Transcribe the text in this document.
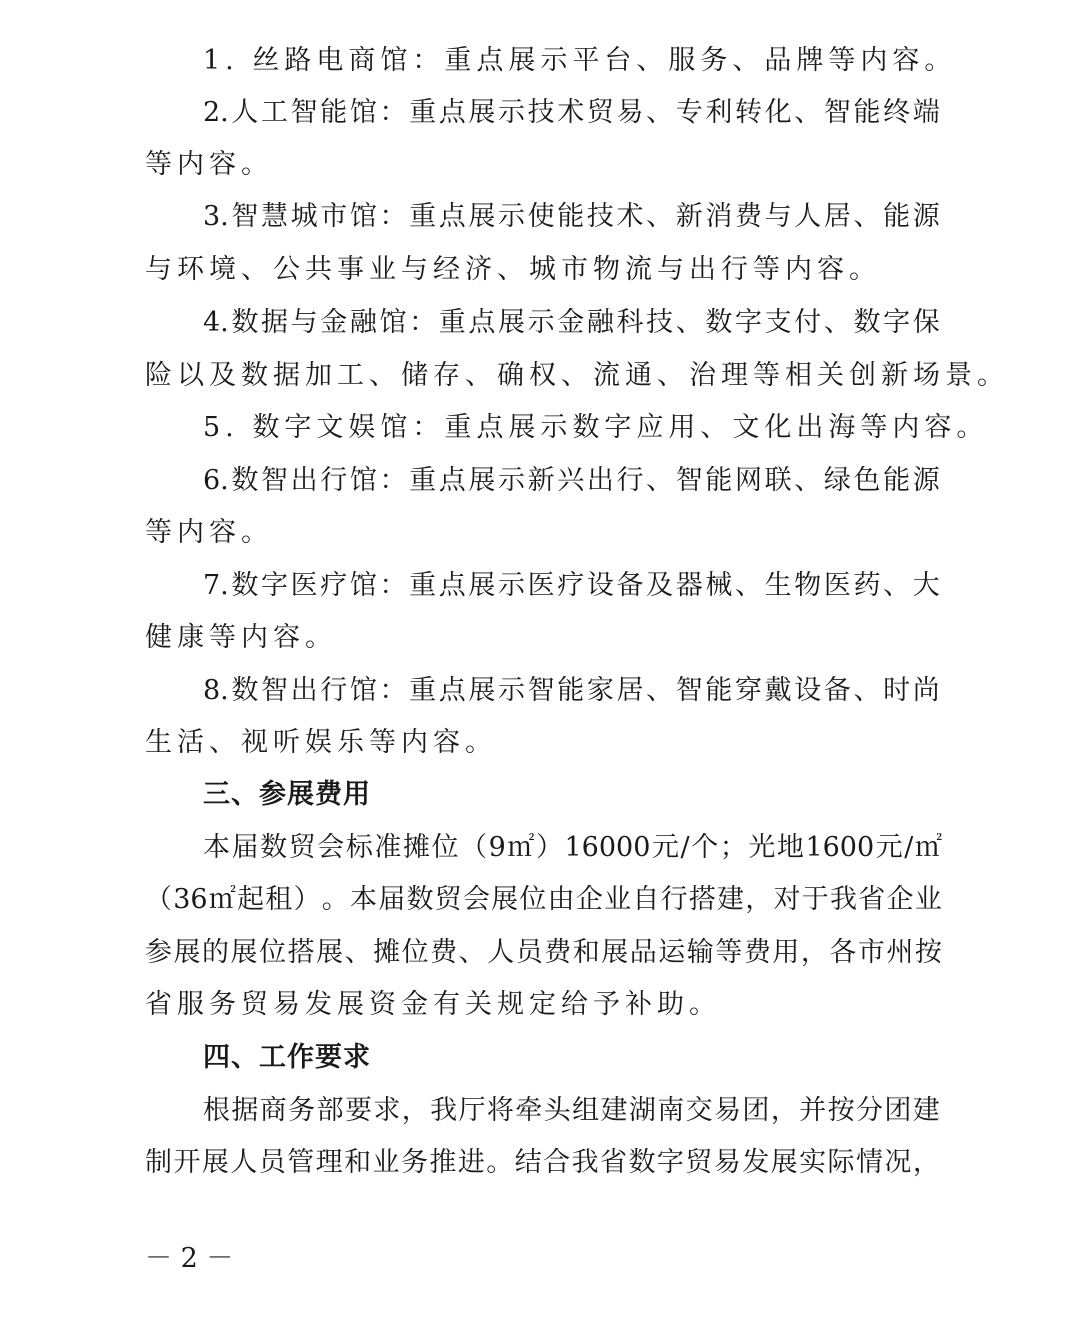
1. 丝路电商馆：重点展示平台、服务、品牌等内容。
2. 人 工 智 能 馆 ： 重 点 展 示 技 术 贸 易 、 专 利 转 化 、 智 能 终 端
等内容。
3. 智 慧 城 市 馆 ： 重 点 展 示 使 能 技 术 、 新 消 费 与 人 居 、 能 源
与环境、公共事业与经济、城市物流与出行等内容。
4. 数 据 与 金 融 馆 ： 重 点 展 示 金 融 科 技 、 数 字 支 付 、 数 字 保
险以及数据加工、储存、确权、流通、治理等相关创新场景。
5. 数字文娱馆：重点展示数字应用、文化出海等内容。
6. 数 智 出 行 馆 ： 重 点 展 示 新 兴 出 行 、 智 能 网 联 、 绿 色 能 源
等内容。
7. 数 字 医 疗 馆 ： 重 点 展 示 医 疗 设 备 及 器 械 、 生 物 医 药 、 大
健康等内容。
8. 数 智 出 行 馆 ： 重 点 展 示 智 能 家 居 、 智 能 穿 戴 设 备 、 时 尚
生活、视听娱乐等内容。
三、参展费用
本 届 数 贸 会 标 准 摊 位 （ 9 ㎡ ） 16000 元 / 个 ； 光 地 1600 元 / ㎡
（ 36 ㎡ 起 租 ） 。 本 届 数 贸 会 展 位 由 企 业 自 行 搭 建 ， 对 于 我 省 企 业
参 展 的 展 位 搭 展 、 摊 位 费 、 人 员 费 和 展 品 运 输 等 费 用 ， 各 市 州 按
省服务贸易发展资金有关规定给予补助。
四、工作要求
根 据 商 务 部 要 求 ， 我 厅 将 牵 头 组 建 湖 南 交 易 团 ， 并 按 分 团 建
制 开 展 人 员 管 理 和 业 务 推 进 。 结 合 我 省 数 字 贸 易 发 展 实 际 情 况 ，
－ 2 －
